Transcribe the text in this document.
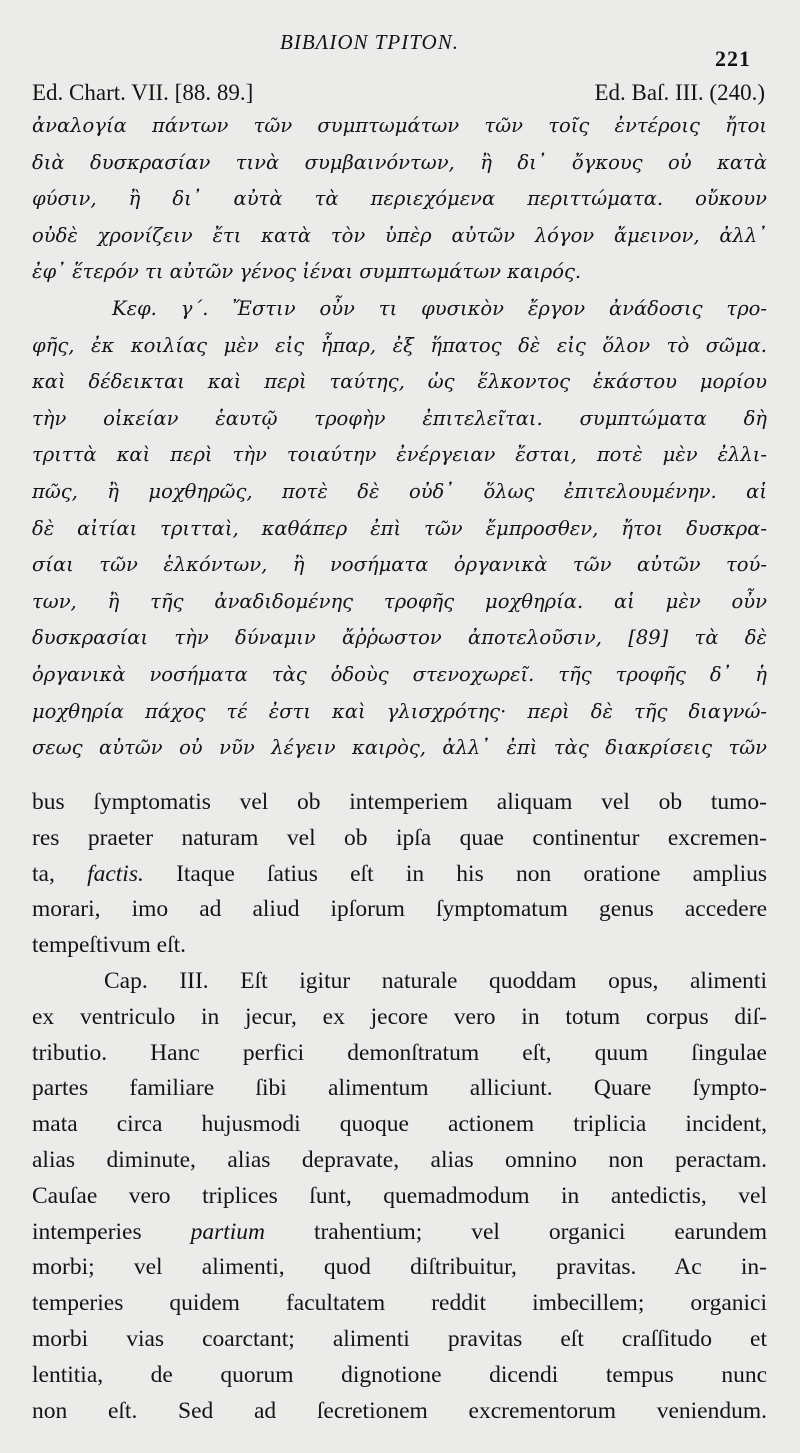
ΒΙΒΛΙΟΝ ΤΡΙΤΟΝ.
221
Ed. Chart. VII. [88. 89.]	Ed. Baſ. III. (240.)
ἀναλογία πάντων τῶν συμπτωμάτων τῶν τοῖς ἐντέροις ἤτοι
διὰ δυσκρασίαν τινὰ συμβαινόντων, ἢ δι᾽ ὄγκους οὐ κατὰ
φύσιν, ἢ δι᾽ αὐτὰ τὰ περιεχόμενα περιττώματα. οὔκουν
οὐδὲ χρονίζειν ἔτι κατὰ τὸν ὑπὲρ αὐτῶν λόγον ἄμεινον, ἀλλ᾽
ἐφ᾽ ἕτερόν τι αὐτῶν γένος ἰέναι συμπτωμάτων καιρός.
Κεφ. γ΄. Ἔστιν οὖν τι φυσικὸν ἔργον ἀνάδοσις τρο-
φῆς, ἐκ κοιλίας μὲν εἰς ἧπαρ, ἐξ ἥπατος δὲ εἰς ὅλον τὸ σῶμα.
καὶ δέδεικται καὶ περὶ ταύτης, ὡς ἕλκοντος ἑκάστου μορίου
τὴν οἰκείαν ἑαυτῷ τροφὴν ἐπιτελεῖται. συμπτώματα δὴ
τριττὰ καὶ περὶ τὴν τοιαύτην ἐνέργειαν ἔσται, ποτὲ μὲν ἐλλι-
πῶς, ἢ μοχθηρῶς, ποτὲ δὲ οὐδ᾽ ὅλως ἐπιτελουμένην. αἱ
δὲ αἰτίαι τριτταὶ, καθάπερ ἐπὶ τῶν ἔμπροσθεν, ἤτοι δυσκρα-
σίαι τῶν ἑλκόντων, ἢ νοσήματα ὀργανικὰ τῶν αὐτῶν τού-
των, ἢ τῆς ἀναδιδομένης τροφῆς μοχθηρία. αἱ μὲν οὖν
δυσκρασίαι τὴν δύναμιν ἄῤῥωστον ἀποτελοῦσιν, [89] τὰ δὲ
ὀργανικὰ νοσήματα τὰς ὁδοὺς στενοχωρεῖ. τῆς τροφῆς δ᾽ ἡ
μοχθηρία πάχος τέ ἐστι καὶ γλισχρότης· περὶ δὲ τῆς διαγνώ-
σεως αὐτῶν οὐ νῦν λέγειν καιρὸς, ἀλλ᾽ ἐπὶ τὰς διακρίσεις τῶν
bus ſymptomatis vel ob intemperiem aliquam vel ob tumo-
res praeter naturam vel ob ipſa quae continentur excremen-
ta, factis. Itaque ſatius eſt in his non oratione amplius
morari, imo ad aliud ipſorum ſymptomatum genus accedere
tempeſtivum eſt.
Cap. III. Eſt igitur naturale quoddam opus, alimenti
ex ventriculo in jecur, ex jecore vero in totum corpus diſ-
tributio. Hanc perfici demonſtratum eſt, quum ſingulae
partes familiare ſibi alimentum alliciunt. Quare ſympto-
mata circa hujusmodi quoque actionem triplicia incident,
alias diminute, alias depravate, alias omnino non peractam.
Cauſae vero triplices ſunt, quemadmodum in antedictis, vel
intemperies partium trahentium; vel organici earundem
morbi; vel alimenti, quod diſtribuitur, pravitas. Ac in-
temperies quidem facultatem reddit imbecillem; organici
morbi vias coarctant; alimenti pravitas eſt craſſitudo et
lentitia, de quorum dignotione dicendi tempus nunc
non eſt. Sed ad ſecretionem excrementorum veniendum.
